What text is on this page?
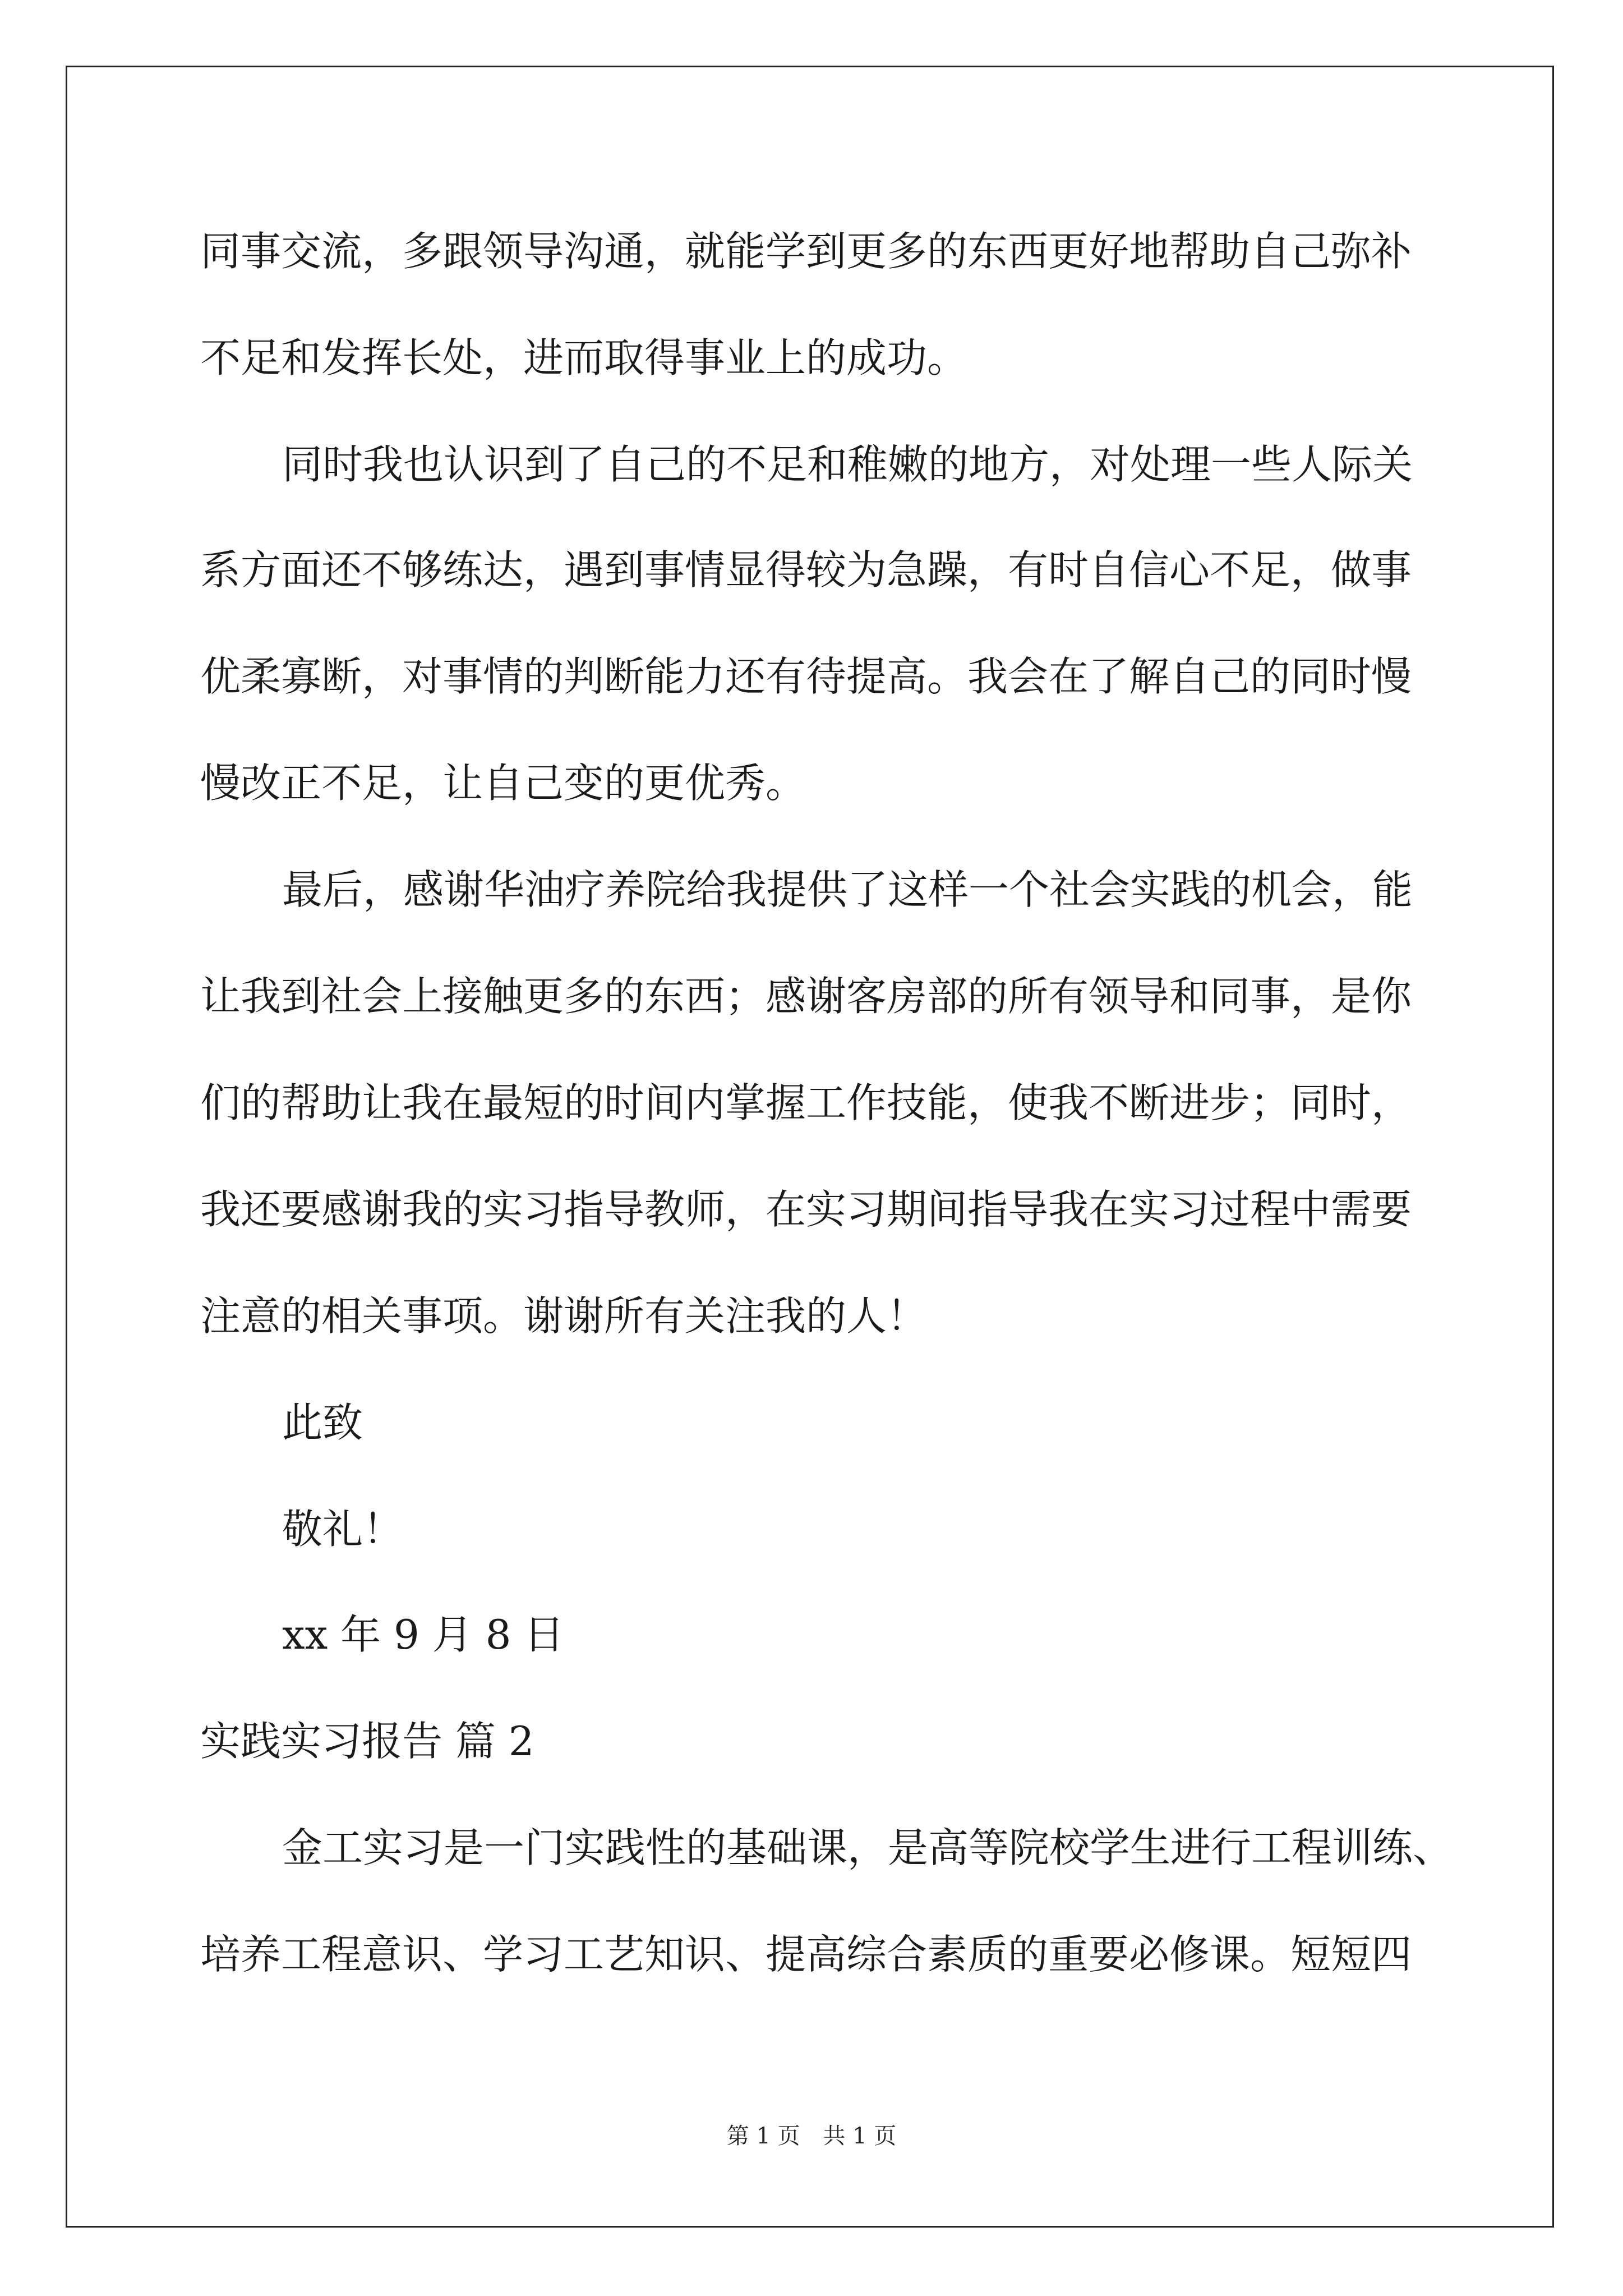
同事交流，多跟领导沟通，就能学到更多的东西更好地帮助自己弥补
不足和发挥长处，进而取得事业上的成功。
同时我也认识到了自己的不足和稚嫩的地方，对处理一些人际关
系方面还不够练达，遇到事情显得较为急躁，有时自信心不足，做事
优柔寡断，对事情的判断能力还有待提高。我会在了解自己的同时慢
慢改正不足，让自己变的更优秀。
最后，感谢华油疗养院给我提供了这样一个社会实践的机会，能
让我到社会上接触更多的东西；感谢客房部的所有领导和同事，是你
们的帮助让我在最短的时间内掌握工作技能，使我不断进步；同时，
我还要感谢我的实习指导教师，在实习期间指导我在实习过程中需要
注意的相关事项。谢谢所有关注我的人！
此致
敬礼！
xx 年 9 月 8 日
实践实习报告 篇 2
金工实习是一门实践性的基础课，是高等院校学生进行工程训练、
培养工程意识、学习工艺知识、提高综合素质的重要必修课。短短四
第 1 页 共 1 页
